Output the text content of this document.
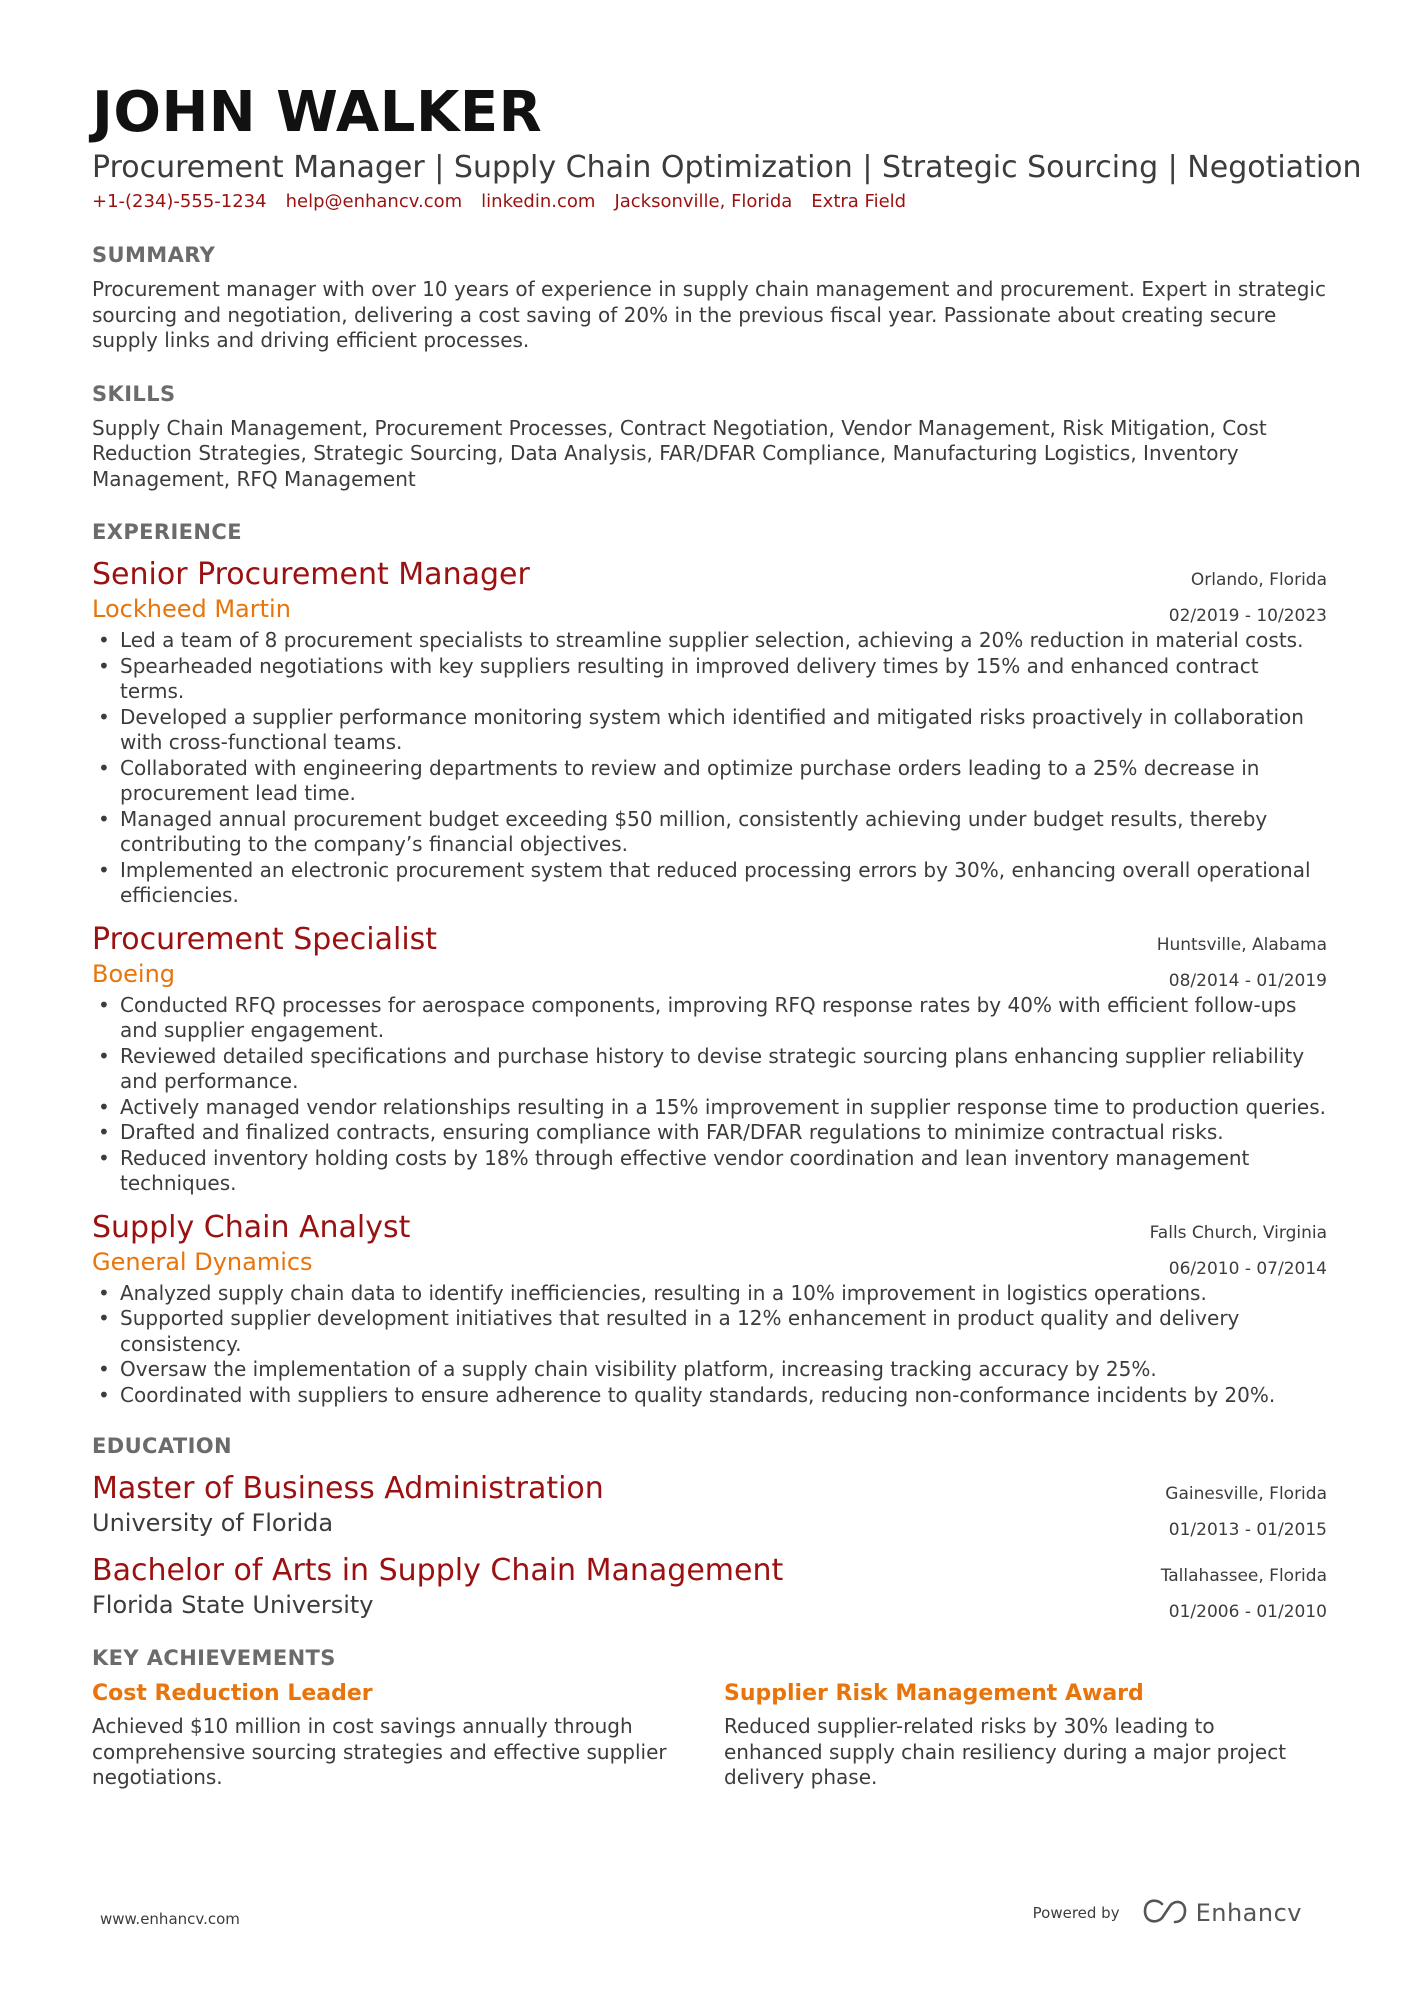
JOHN WALKER
Procurement Manager | Supply Chain Optimization | Strategic Sourcing | Negotiation
+1-(234)-555-1234 help@enhancv.com linkedin.com Jacksonville, Florida Extra Field
SUMMARY
Procurement manager with over 10 years of experience in supply chain management and procurement. Expert in strategic sourcing and negotiation, delivering a cost saving of 20% in the previous fiscal year. Passionate about creating secure supply links and driving efficient processes.
SKILLS
Supply Chain Management, Procurement Processes, Contract Negotiation, Vendor Management, Risk Mitigation, Cost Reduction Strategies, Strategic Sourcing, Data Analysis, FAR/DFAR Compliance, Manufacturing Logistics, Inventory Management, RFQ Management
EXPERIENCE
Senior Procurement Manager
Lockheed Martin
Orlando, Florida
02/2019 - 10/2023
• Led a team of 8 procurement specialists to streamline supplier selection, achieving a 20% reduction in material costs.
• Spearheaded negotiations with key suppliers resulting in improved delivery times by 15% and enhanced contract terms.
• Developed a supplier performance monitoring system which identified and mitigated risks proactively in collaboration with cross-functional teams.
• Collaborated with engineering departments to review and optimize purchase orders leading to a 25% decrease in procurement lead time.
• Managed annual procurement budget exceeding $50 million, consistently achieving under budget results, thereby contributing to the company’s financial objectives.
• Implemented an electronic procurement system that reduced processing errors by 30%, enhancing overall operational efficiencies.
Procurement Specialist
Boeing
Huntsville, Alabama
08/2014 - 01/2019
• Conducted RFQ processes for aerospace components, improving RFQ response rates by 40% with efficient follow-ups and supplier engagement.
• Reviewed detailed specifications and purchase history to devise strategic sourcing plans enhancing supplier reliability and performance.
• Actively managed vendor relationships resulting in a 15% improvement in supplier response time to production queries.
• Drafted and finalized contracts, ensuring compliance with FAR/DFAR regulations to minimize contractual risks.
• Reduced inventory holding costs by 18% through effective vendor coordination and lean inventory management techniques.
Supply Chain Analyst
General Dynamics
Falls Church, Virginia
06/2010 - 07/2014
• Analyzed supply chain data to identify inefficiencies, resulting in a 10% improvement in logistics operations.
• Supported supplier development initiatives that resulted in a 12% enhancement in product quality and delivery consistency.
• Oversaw the implementation of a supply chain visibility platform, increasing tracking accuracy by 25%.
• Coordinated with suppliers to ensure adherence to quality standards, reducing non-conformance incidents by 20%.
EDUCATION
Master of Business Administration
University of Florida
Gainesville, Florida
01/2013 - 01/2015
Bachelor of Arts in Supply Chain Management
Florida State University
Tallahassee, Florida
01/2006 - 01/2010
KEY ACHIEVEMENTS
Cost Reduction Leader
Achieved $10 million in cost savings annually through comprehensive sourcing strategies and effective supplier negotiations.
Supplier Risk Management Award
Reduced supplier-related risks by 30% leading to enhanced supply chain resiliency during a major project delivery phase.
www.enhancv.com	Powered by	Enhancv
